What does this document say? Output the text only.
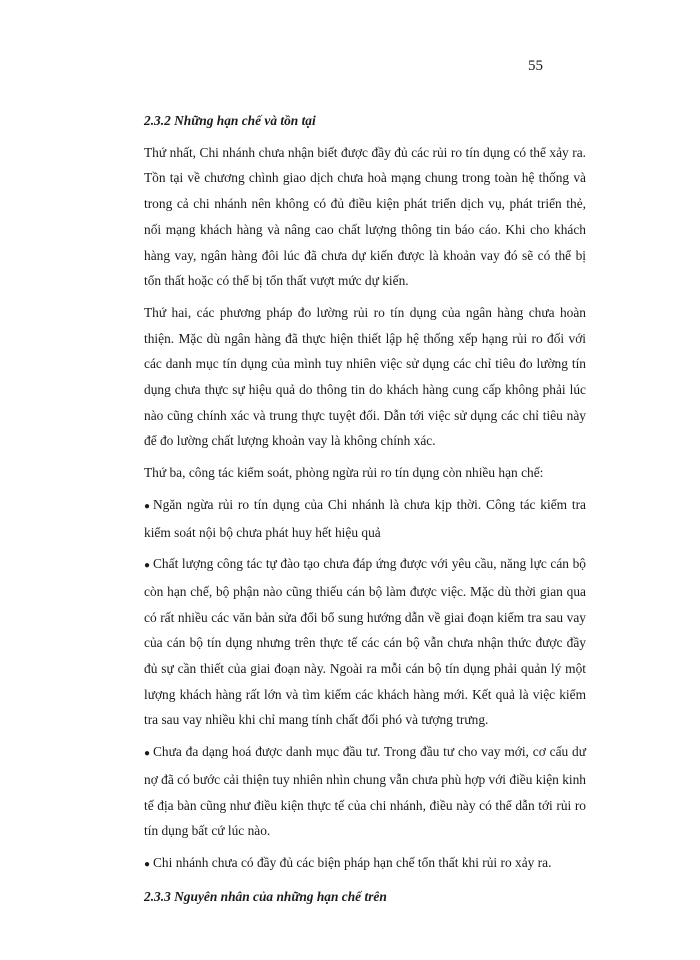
55
2.3.2 Những hạn chế và tồn tại

Thứ nhất, Chi nhánh chưa nhận biết được đầy đủ các rủi ro tín dụng có thể xảy ra. Tồn tại về chương chình giao dịch chưa hoà mạng chung trong toàn hệ thống và trong cả chi nhánh nên không có đủ điều kiện phát triển dịch vụ, phát triển thẻ, nối mạng khách hàng và nâng cao chất lượng thông tin báo cáo. Khi cho khách hàng vay, ngân hàng đôi lúc đã chưa dự kiến được là khoản vay đó sẽ có thể bị tổn thất hoặc có thể bị tổn thất vượt mức dự kiến.

Thứ hai, các phương pháp đo lường rủi ro tín dụng của ngân hàng chưa hoàn thiện. Mặc dù ngân hàng đã thực hiện thiết lập hệ thống xếp hạng rủi ro đối với các danh mục tín dụng của mình tuy nhiên việc sử dụng các chỉ tiêu đo lường tín dụng chưa thực sự hiệu quả do thông tin do khách hàng cung cấp không phải lúc nào cũng chính xác và trung thực tuyệt đối. Dẫn tới việc sử dụng các chỉ tiêu này để đo lường chất lượng khoản vay là không chính xác.

Thứ ba, công tác kiểm soát, phòng ngừa rủi ro tín dụng còn nhiều hạn chế:

● Ngăn ngừa rủi ro tín dụng của Chi nhánh là chưa kịp thời. Công tác kiểm tra kiểm soát nội bộ chưa phát huy hết hiệu quả

● Chất lượng công tác tự đào tạo chưa đáp ứng được với yêu cầu, năng lực cán bộ còn hạn chế, bộ phận nào cũng thiếu cán bộ làm được việc. Mặc dù thời gian qua có rất nhiều các văn bản sửa đổi bổ sung hướng dẫn về giai đoạn kiểm tra sau vay của cán bộ tín dụng nhưng trên thực tế các cán bộ vẫn chưa nhận thức được đầy đủ sự cần thiết của giai đoạn này. Ngoài ra mỗi cán bộ tín dụng phải quản lý một lượng khách hàng rất lớn và tìm kiếm các khách hàng mới. Kết quả là việc kiểm tra sau vay nhiều khi chỉ mang tính chất đối phó và tượng trưng.

● Chưa đa dạng hoá được danh mục đầu tư. Trong đầu tư cho vay mới, cơ cấu dư nợ đã có bước cải thiện tuy nhiên nhìn chung vẫn chưa phù hợp với điều kiện kinh tế địa bàn cũng như điều kiện thực tế của chi nhánh, điều này có thể dẫn tới rủi ro tín dụng bất cứ lúc nào.

● Chi nhánh chưa có đầy đủ các biện pháp hạn chế tổn thất khi rủi ro xảy ra.

2.3.3 Nguyên nhân của những hạn chế trên
